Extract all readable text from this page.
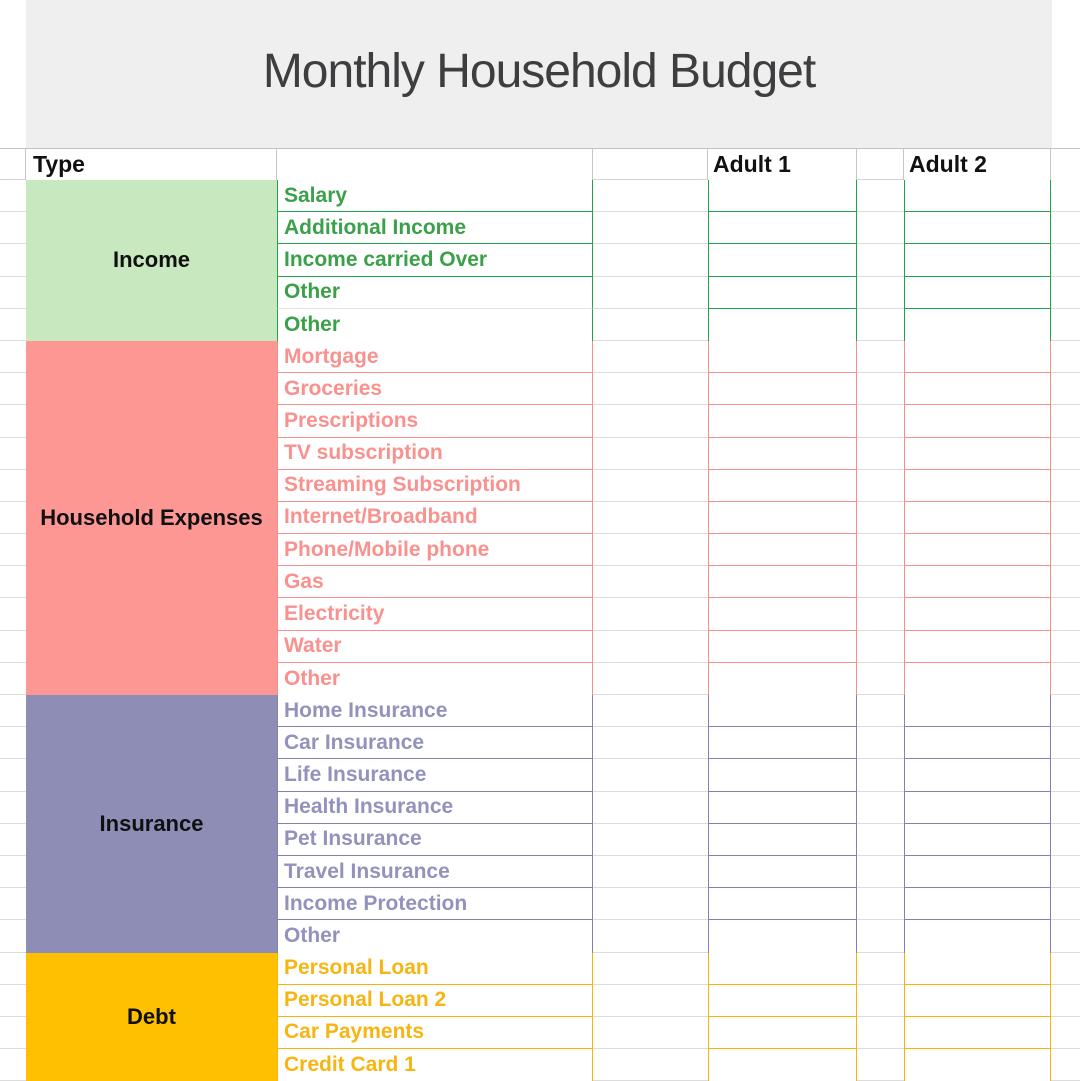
Monthly Household Budget
Type	Adult 1	Adult 2
Income
Salary
Additional Income
Income carried Over
Other
Other
Household Expenses
Mortgage
Groceries
Prescriptions
TV subscription
Streaming Subscription
Internet/Broadband
Phone/Mobile phone
Gas
Electricity
Water
Other
Insurance
Home Insurance
Car Insurance
Life Insurance
Health Insurance
Pet Insurance
Travel Insurance
Income Protection
Other
Debt
Personal Loan
Personal Loan 2
Car Payments
Credit Card 1
